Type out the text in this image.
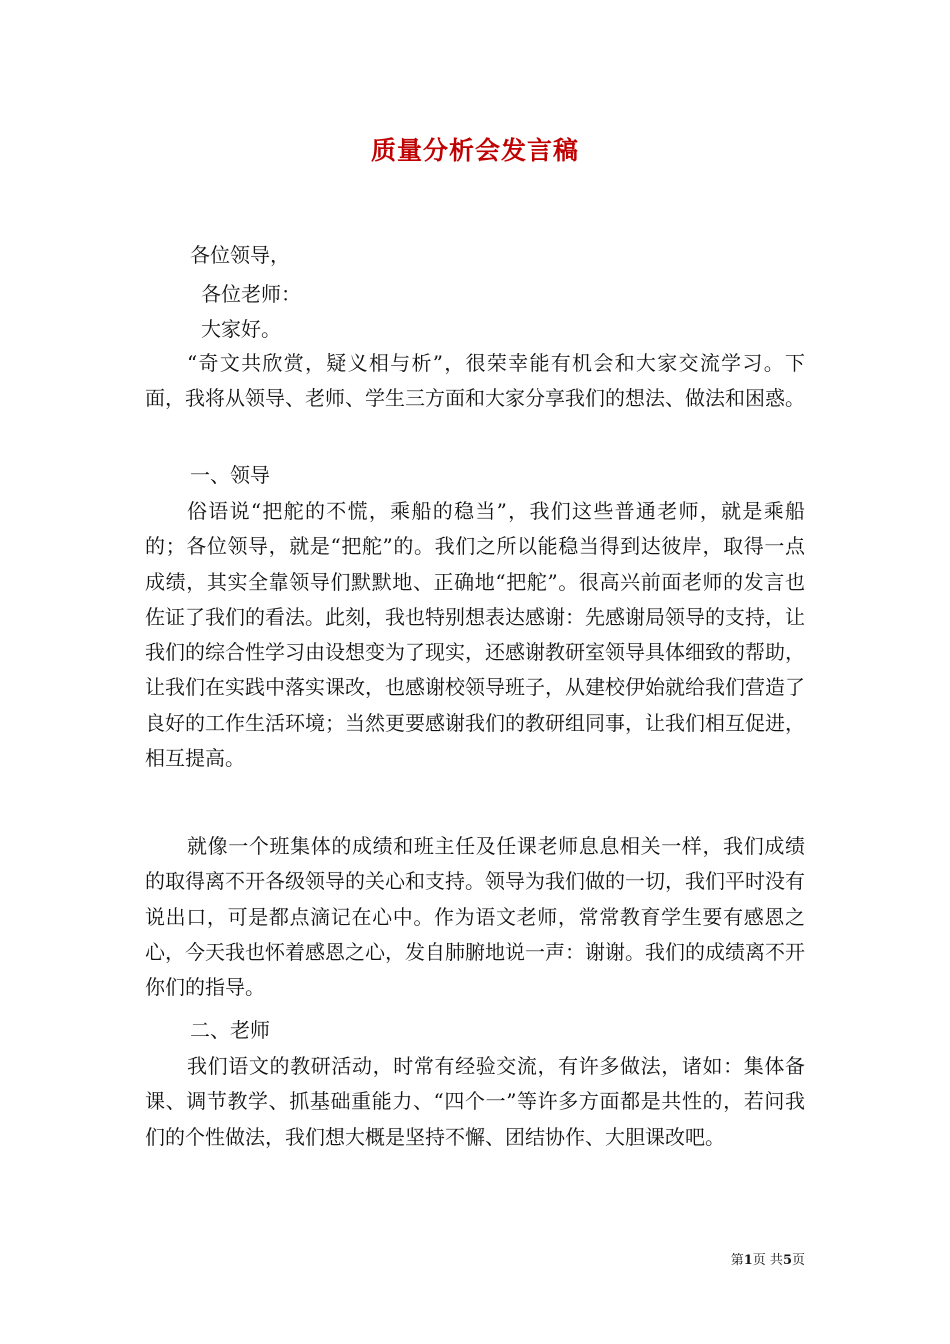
质量分析会发言稿

各位领导，

各位老师：

大家好。

“奇文共欣赏，疑义相与析”，很荣幸能有机会和大家交流学习。下面，我将从领导、老师、学生三方面和大家分享我们的想法、做法和困惑。

一、领导

俗语说“把舵的不慌，乘船的稳当”，我们这些普通老师，就是乘船的；各位领导，就是“把舵”的。我们之所以能稳当得到达彼岸，取得一点成绩，其实全靠领导们默默地、正确地“把舵”。很高兴前面老师的发言也佐证了我们的看法。此刻，我也特别想表达感谢：先感谢局领导的支持，让我们的综合性学习由设想变为了现实，还感谢教研室领导具体细致的帮助，让我们在实践中落实课改，也感谢校领导班子，从建校伊始就给我们营造了良好的工作生活环境；当然更要感谢我们的教研组同事，让我们相互促进，相互提高。

就像一个班集体的成绩和班主任及任课老师息息相关一样，我们成绩的取得离不开各级领导的关心和支持。领导为我们做的一切，我们平时没有说出口，可是都点滴记在心中。作为语文老师，常常教育学生要有感恩之心，今天我也怀着感恩之心，发自肺腑地说一声：谢谢。我们的成绩离不开你们的指导。

二、老师

我们语文的教研活动，时常有经验交流，有许多做法，诸如：集体备课、调节教学、抓基础重能力、“四个一”等许多方面都是共性的，若问我们的个性做法，我们想大概是坚持不懈、团结协作、大胆课改吧。

第1页 共5页
